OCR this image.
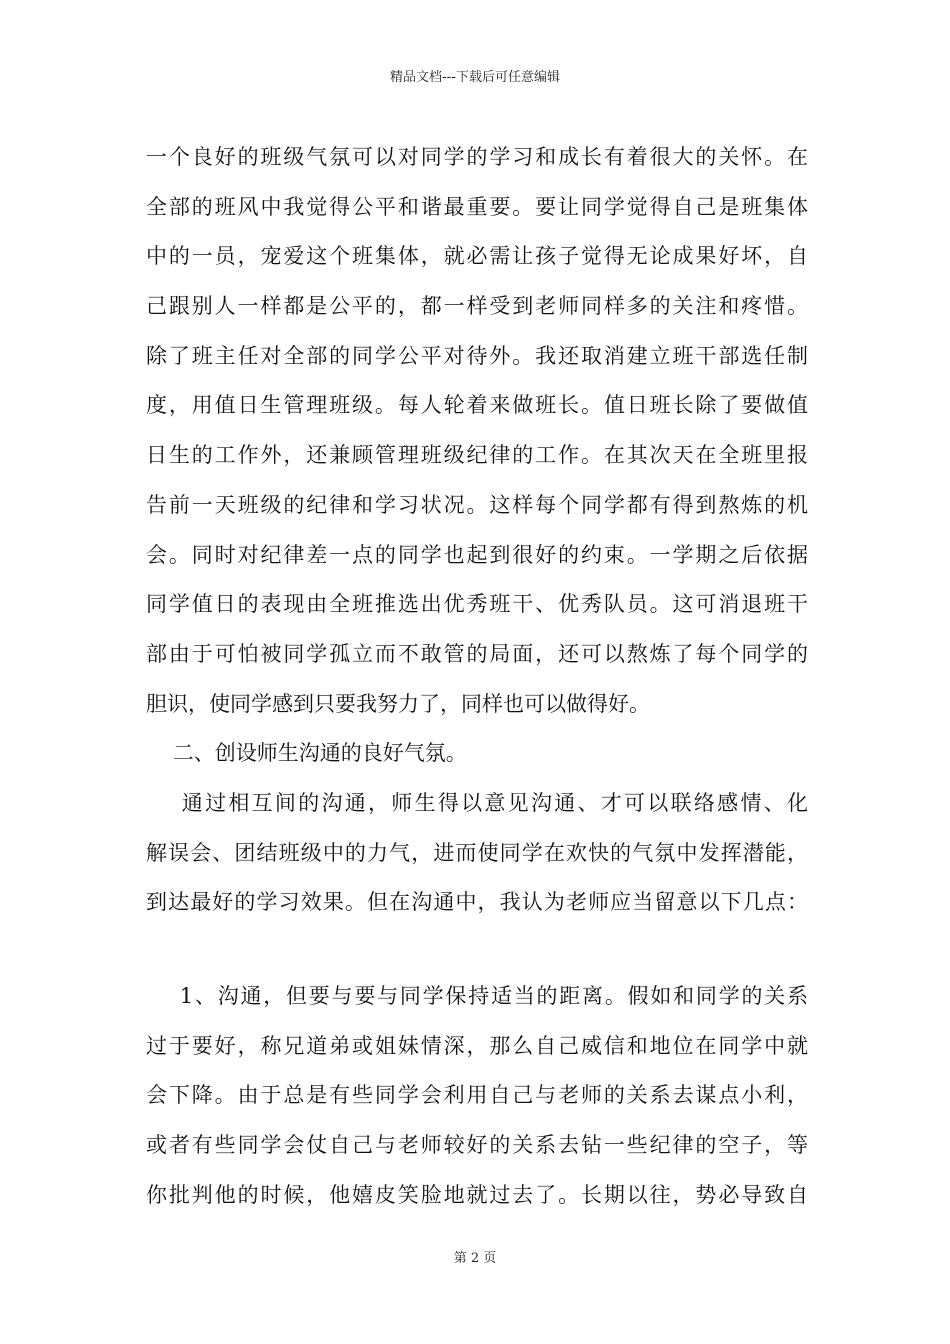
精品文档---下载后可任意编辑
一个良好的班级气氛可以对同学的学习和成长有着很大的关怀。在
全部的班风中我觉得公平和谐最重要。要让同学觉得自己是班集体
中的一员，宠爱这个班集体，就必需让孩子觉得无论成果好坏，自
己跟别人一样都是公平的，都一样受到老师同样多的关注和疼惜。
除了班主任对全部的同学公平对待外。我还取消建立班干部选任制
度，用值日生管理班级。每人轮着来做班长。值日班长除了要做值
日生的工作外，还兼顾管理班级纪律的工作。在其次天在全班里报
告前一天班级的纪律和学习状况。这样每个同学都有得到熬炼的机
会。同时对纪律差一点的同学也起到很好的约束。一学期之后依据
同学值日的表现由全班推选出优秀班干、优秀队员。这可消退班干
部由于可怕被同学孤立而不敢管的局面，还可以熬炼了每个同学的
胆识，使同学感到只要我努力了，同样也可以做得好。
二、创设师生沟通的良好气氛。
通过相互间的沟通，师生得以意见沟通、才可以联络感情、化
解误会、团结班级中的力气，进而使同学在欢快的气氛中发挥潜能，
到达最好的学习效果。但在沟通中，我认为老师应当留意以下几点：
1、沟通，但要与要与同学保持适当的距离。假如和同学的关系
过于要好，称兄道弟或姐妹情深，那么自己威信和地位在同学中就
会下降。由于总是有些同学会利用自己与老师的关系去谋点小利，
或者有些同学会仗自己与老师较好的关系去钻一些纪律的空子，等
你批判他的时候，他嬉皮笑脸地就过去了。长期以往，势必导致自
第 2 页
